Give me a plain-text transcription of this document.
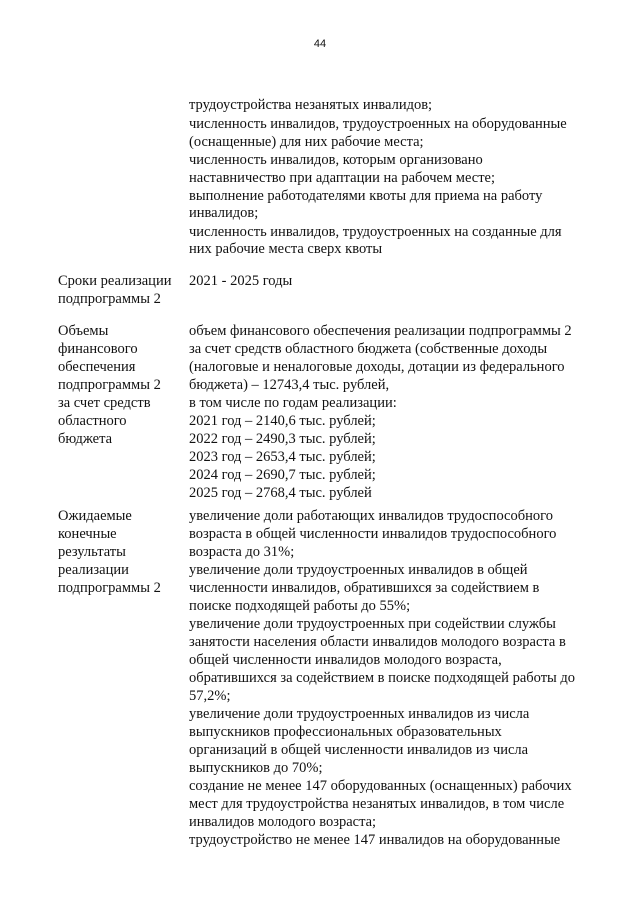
44
трудоустройства незанятых инвалидов;
численность инвалидов, трудоустроенных на оборудованные
(оснащенные) для них рабочие места;
численность инвалидов, которым организовано
наставничество при адаптации на рабочем месте;
выполнение работодателями квоты для приема на работу
инвалидов;
численность инвалидов, трудоустроенных на созданные для
них рабочие места сверх квоты
Сроки реализации
подпрограммы 2
2021 - 2025 годы
Объемы
финансового
обеспечения
подпрограммы 2
за счет средств
областного
бюджета
объем финансового обеспечения реализации подпрограммы 2
за счет средств областного бюджета (собственные доходы
(налоговые и неналоговые доходы, дотации из федерального
бюджета) – 12743,4 тыс. рублей,
в том числе по годам реализации:
2021 год – 2140,6 тыс. рублей;
2022 год – 2490,3 тыс. рублей;
2023 год – 2653,4 тыс. рублей;
2024 год – 2690,7 тыс. рублей;
2025 год – 2768,4 тыс. рублей
Ожидаемые
конечные
результаты
реализации
подпрограммы 2
увеличение доли работающих инвалидов трудоспособного
возраста в общей численности инвалидов трудоспособного
возраста до 31%;
увеличение доли трудоустроенных инвалидов в общей
численности инвалидов, обратившихся за содействием в
поиске подходящей работы до 55%;
увеличение доли трудоустроенных при содействии службы
занятости населения области инвалидов молодого возраста в
общей численности инвалидов молодого возраста,
обратившихся за содействием в поиске подходящей работы до
57,2%;
увеличение доли трудоустроенных инвалидов из числа
выпускников профессиональных образовательных
организаций в общей численности инвалидов из числа
выпускников до 70%;
создание не менее 147 оборудованных (оснащенных) рабочих
мест для трудоустройства незанятых инвалидов, в том числе
инвалидов молодого возраста;
трудоустройство не менее 147 инвалидов на оборудованные
